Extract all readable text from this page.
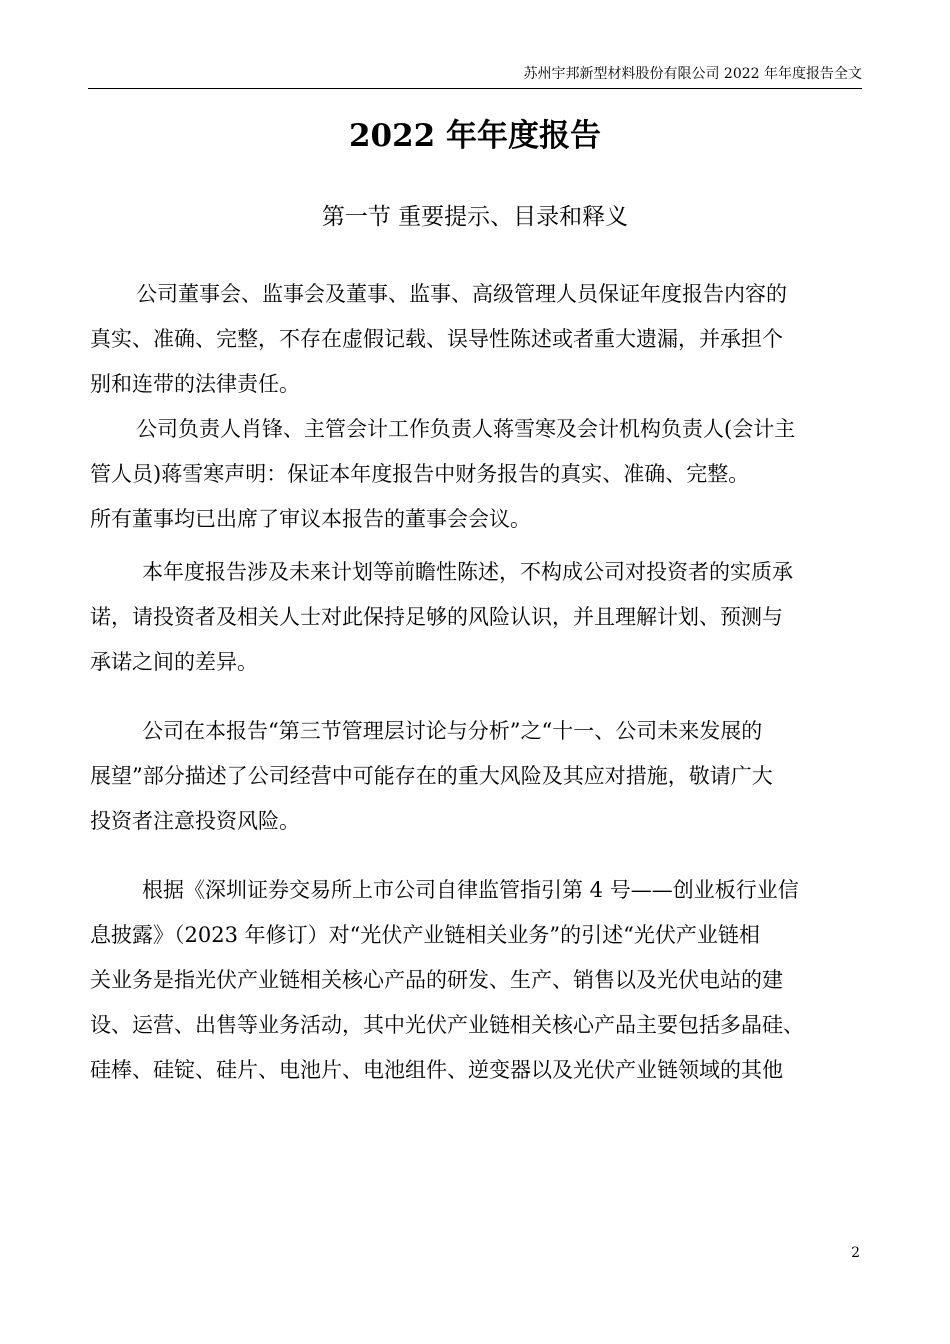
苏州宇邦新型材料股份有限公司 2022 年年度报告全文
2022 年年度报告
第一节 重要提示、目录和释义
公司董事会、监事会及董事、监事、高级管理人员保证年度报告内容的
真实、准确、完整，不存在虚假记载、误导性陈述或者重大遗漏，并承担个
别和连带的法律责任。
公司负责人肖锋、主管会计工作负责人蒋雪寒及会计机构负责人(会计主
管人员)蒋雪寒声明：保证本年度报告中财务报告的真实、准确、完整。
所有董事均已出席了审议本报告的董事会会议。
本年度报告涉及未来计划等前瞻性陈述，不构成公司对投资者的实质承
诺，请投资者及相关人士对此保持足够的风险认识，并且理解计划、预测与
承诺之间的差异。
公司在本报告“第三节管理层讨论与分析”之“十一、公司未来发展的
展望”部分描述了公司经营中可能存在的重大风险及其应对措施，敬请广大
投资者注意投资风险。
根据《深圳证券交易所上市公司自律监管指引第 4 号——创业板行业信
息披露》（2023 年修订）对“光伏产业链相关业务”的引述“光伏产业链相
关业务是指光伏产业链相关核心产品的研发、生产、销售以及光伏电站的建
设、运营、出售等业务活动，其中光伏产业链相关核心产品主要包括多晶硅、
硅棒、硅锭、硅片、电池片、电池组件、逆变器以及光伏产业链领域的其他
2
